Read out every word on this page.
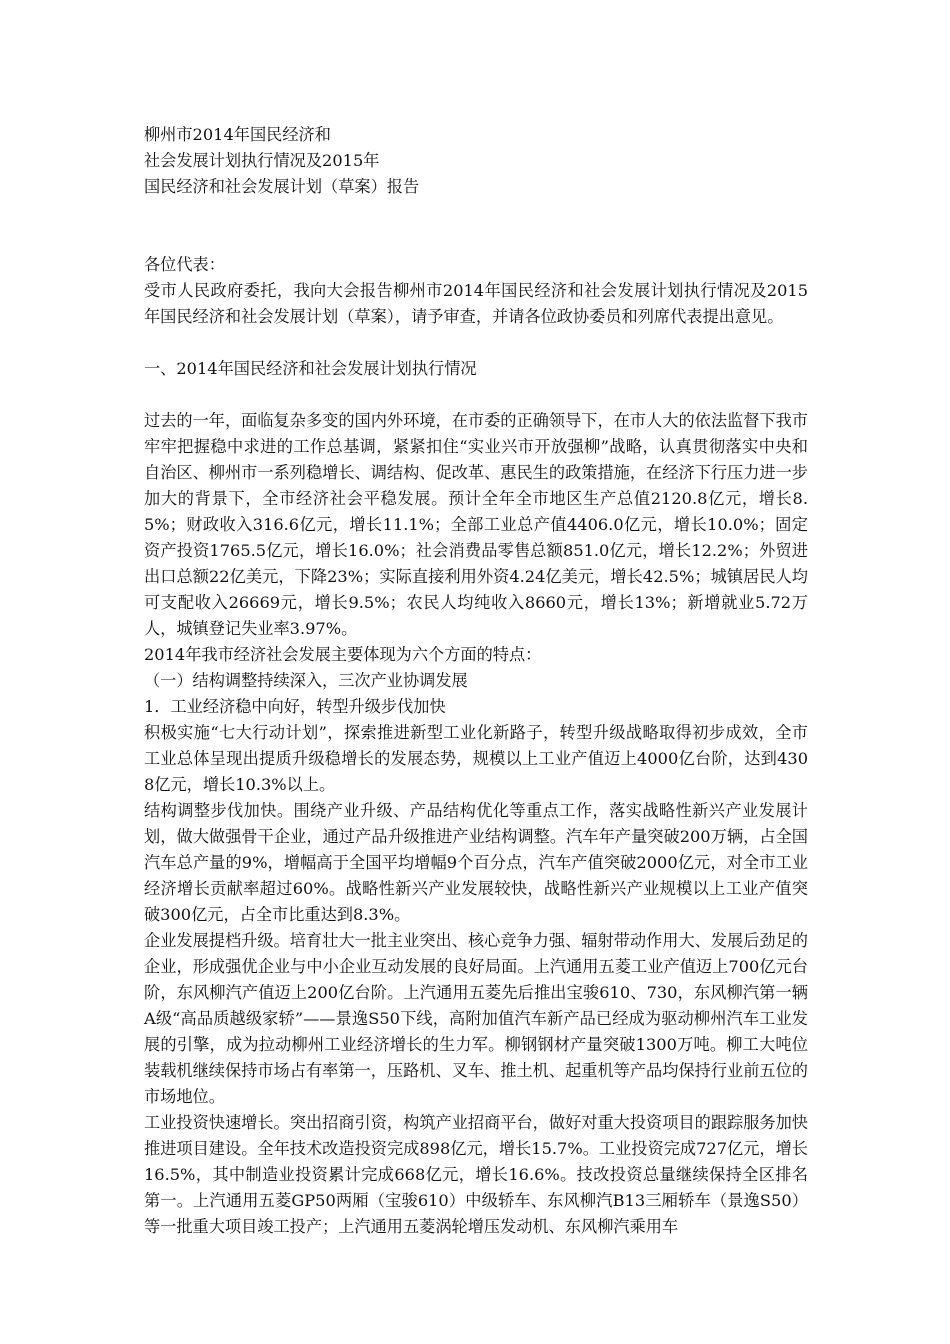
柳州市2014年国民经济和
社会发展计划执行情况及2015年
国民经济和社会发展计划（草案）报告

各位代表：

受市人民政府委托，我向大会报告柳州市2014年国民经济和社会发展计划执行情况及2015年国民经济和社会发展计划（草案），请予审查，并请各位政协委员和列席代表提出意见。

一、2014年国民经济和社会发展计划执行情况

过去的一年，面临复杂多变的国内外环境，在市委的正确领导下，在市人大的依法监督下我市牢牢把握稳中求进的工作总基调，紧紧扣住“实业兴市开放强柳”战略，认真贯彻落实中央和自治区、柳州市一系列稳增长、调结构、促改革、惠民生的政策措施，在经济下行压力进一步加大的背景下，全市经济社会平稳发展。预计全年全市地区生产总值2120.8亿元，增长8.5%；财政收入316.6亿元，增长11.1%；全部工业总产值4406.0亿元，增长10.0%；固定资产投资1765.5亿元，增长16.0%；社会消费品零售总额851.0亿元，增长12.2%；外贸进出口总额22亿美元，下降23%；实际直接利用外资4.24亿美元，增长42.5%；城镇居民人均可支配收入26669元，增长9.5%；农民人均纯收入8660元，增长13%；新增就业5.72万人，城镇登记失业率3.97%。

2014年我市经济社会发展主要体现为六个方面的特点：

（一）结构调整持续深入，三次产业协调发展

1．工业经济稳中向好，转型升级步伐加快

积极实施“七大行动计划”，探索推进新型工业化新路子，转型升级战略取得初步成效，全市工业总体呈现出提质升级稳增长的发展态势，规模以上工业产值迈上4000亿台阶，达到4308亿元，增长10.3%以上。

结构调整步伐加快。围绕产业升级、产品结构优化等重点工作，落实战略性新兴产业发展计划，做大做强骨干企业，通过产品升级推进产业结构调整。汽车年产量突破200万辆，占全国汽车总产量的9%，增幅高于全国平均增幅9个百分点，汽车产值突破2000亿元，对全市工业经济增长贡献率超过60%。战略性新兴产业发展较快，战略性新兴产业规模以上工业产值突破300亿元，占全市比重达到8.3%。

企业发展提档升级。培育壮大一批主业突出、核心竞争力强、辐射带动作用大、发展后劲足的企业，形成强优企业与中小企业互动发展的良好局面。上汽通用五菱工业产值迈上700亿元台阶，东风柳汽产值迈上200亿台阶。上汽通用五菱先后推出宝骏610、730，东风柳汽第一辆A级“高品质越级家轿”——景逸S50下线，高附加值汽车新产品已经成为驱动柳州汽车工业发展的引擎，成为拉动柳州工业经济增长的生力军。柳钢钢材产量突破1300万吨。柳工大吨位装载机继续保持市场占有率第一，压路机、叉车、推土机、起重机等产品均保持行业前五位的市场地位。

工业投资快速增长。突出招商引资，构筑产业招商平台，做好对重大投资项目的跟踪服务加快推进项目建设。全年技术改造投资完成898亿元，增长15.7%。工业投资完成727亿元，增长16.5%，其中制造业投资累计完成668亿元，增长16.6%。技改投资总量继续保持全区排名第一。上汽通用五菱GP50两厢（宝骏610）中级轿车、东风柳汽B13三厢轿车（景逸S50）等一批重大项目竣工投产；上汽通用五菱涡轮增压发动机、东风柳汽乘用车
